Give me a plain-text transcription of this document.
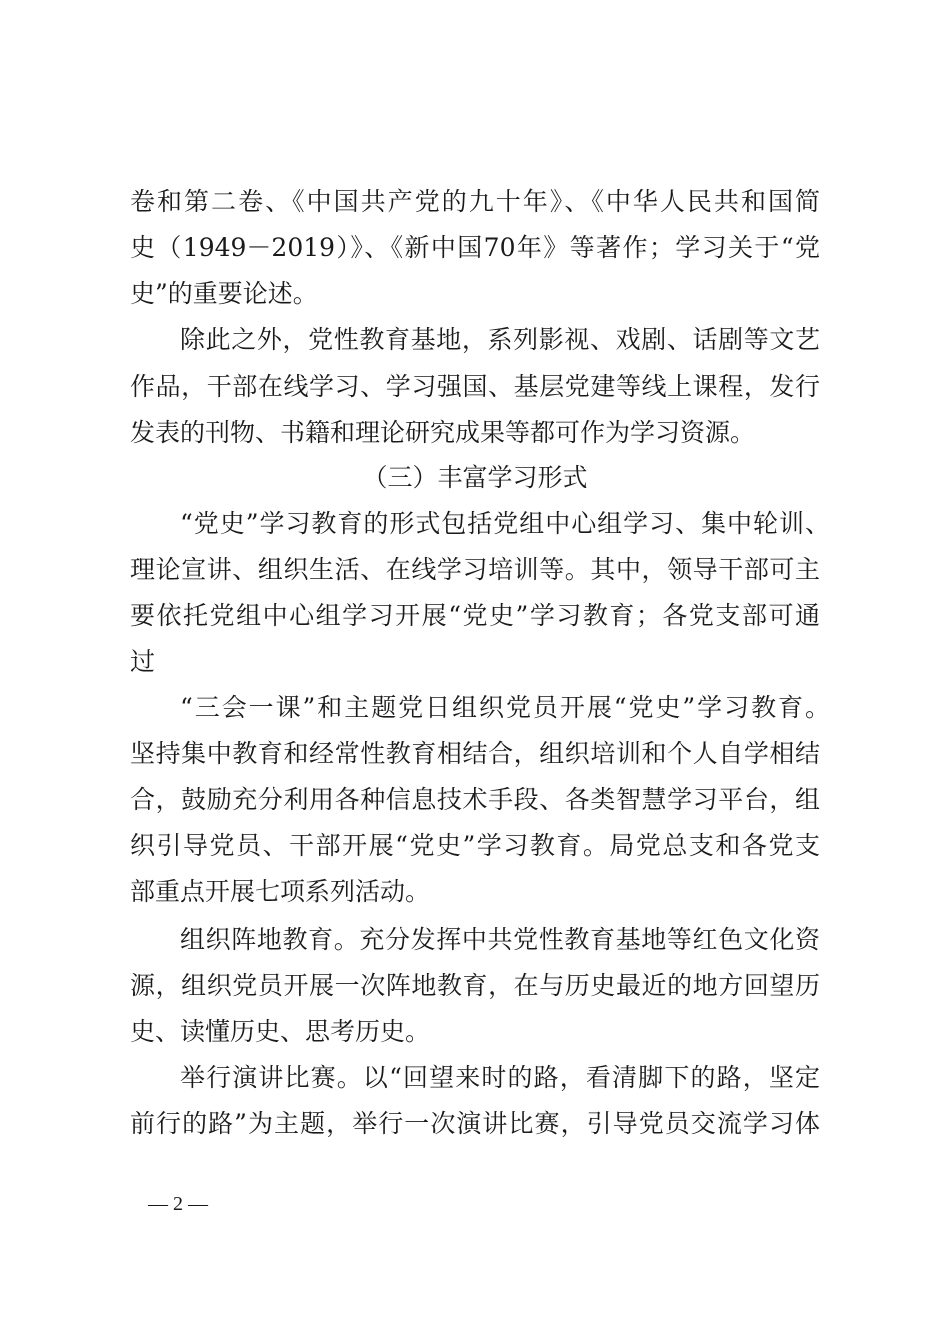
卷和第二卷、《中国共产党的九十年》、《中华人民共和国简
史（1949－2019）》、《新中国70年》等著作；学习关于“党
史”的重要论述。
除此之外，党性教育基地，系列影视、戏剧、话剧等文艺
作品，干部在线学习、学习强国、基层党建等线上课程，发行
发表的刊物、书籍和理论研究成果等都可作为学习资源。
（三）丰富学习形式
“党史”学习教育的形式包括党组中心组学习、集中轮训、
理论宣讲、组织生活、在线学习培训等。其中，领导干部可主
要依托党组中心组学习开展“党史”学习教育；各党支部可通
过
“三会一课”和主题党日组织党员开展“党史”学习教育。
坚持集中教育和经常性教育相结合，组织培训和个人自学相结
合，鼓励充分利用各种信息技术手段、各类智慧学习平台，组
织引导党员、干部开展“党史”学习教育。局党总支和各党支
部重点开展七项系列活动。
组织阵地教育。充分发挥中共党性教育基地等红色文化资
源，组织党员开展一次阵地教育，在与历史最近的地方回望历
史、读懂历史、思考历史。
举行演讲比赛。以“回望来时的路，看清脚下的路，坚定
前行的路”为主题，举行一次演讲比赛，引导党员交流学习体
— 2 —
